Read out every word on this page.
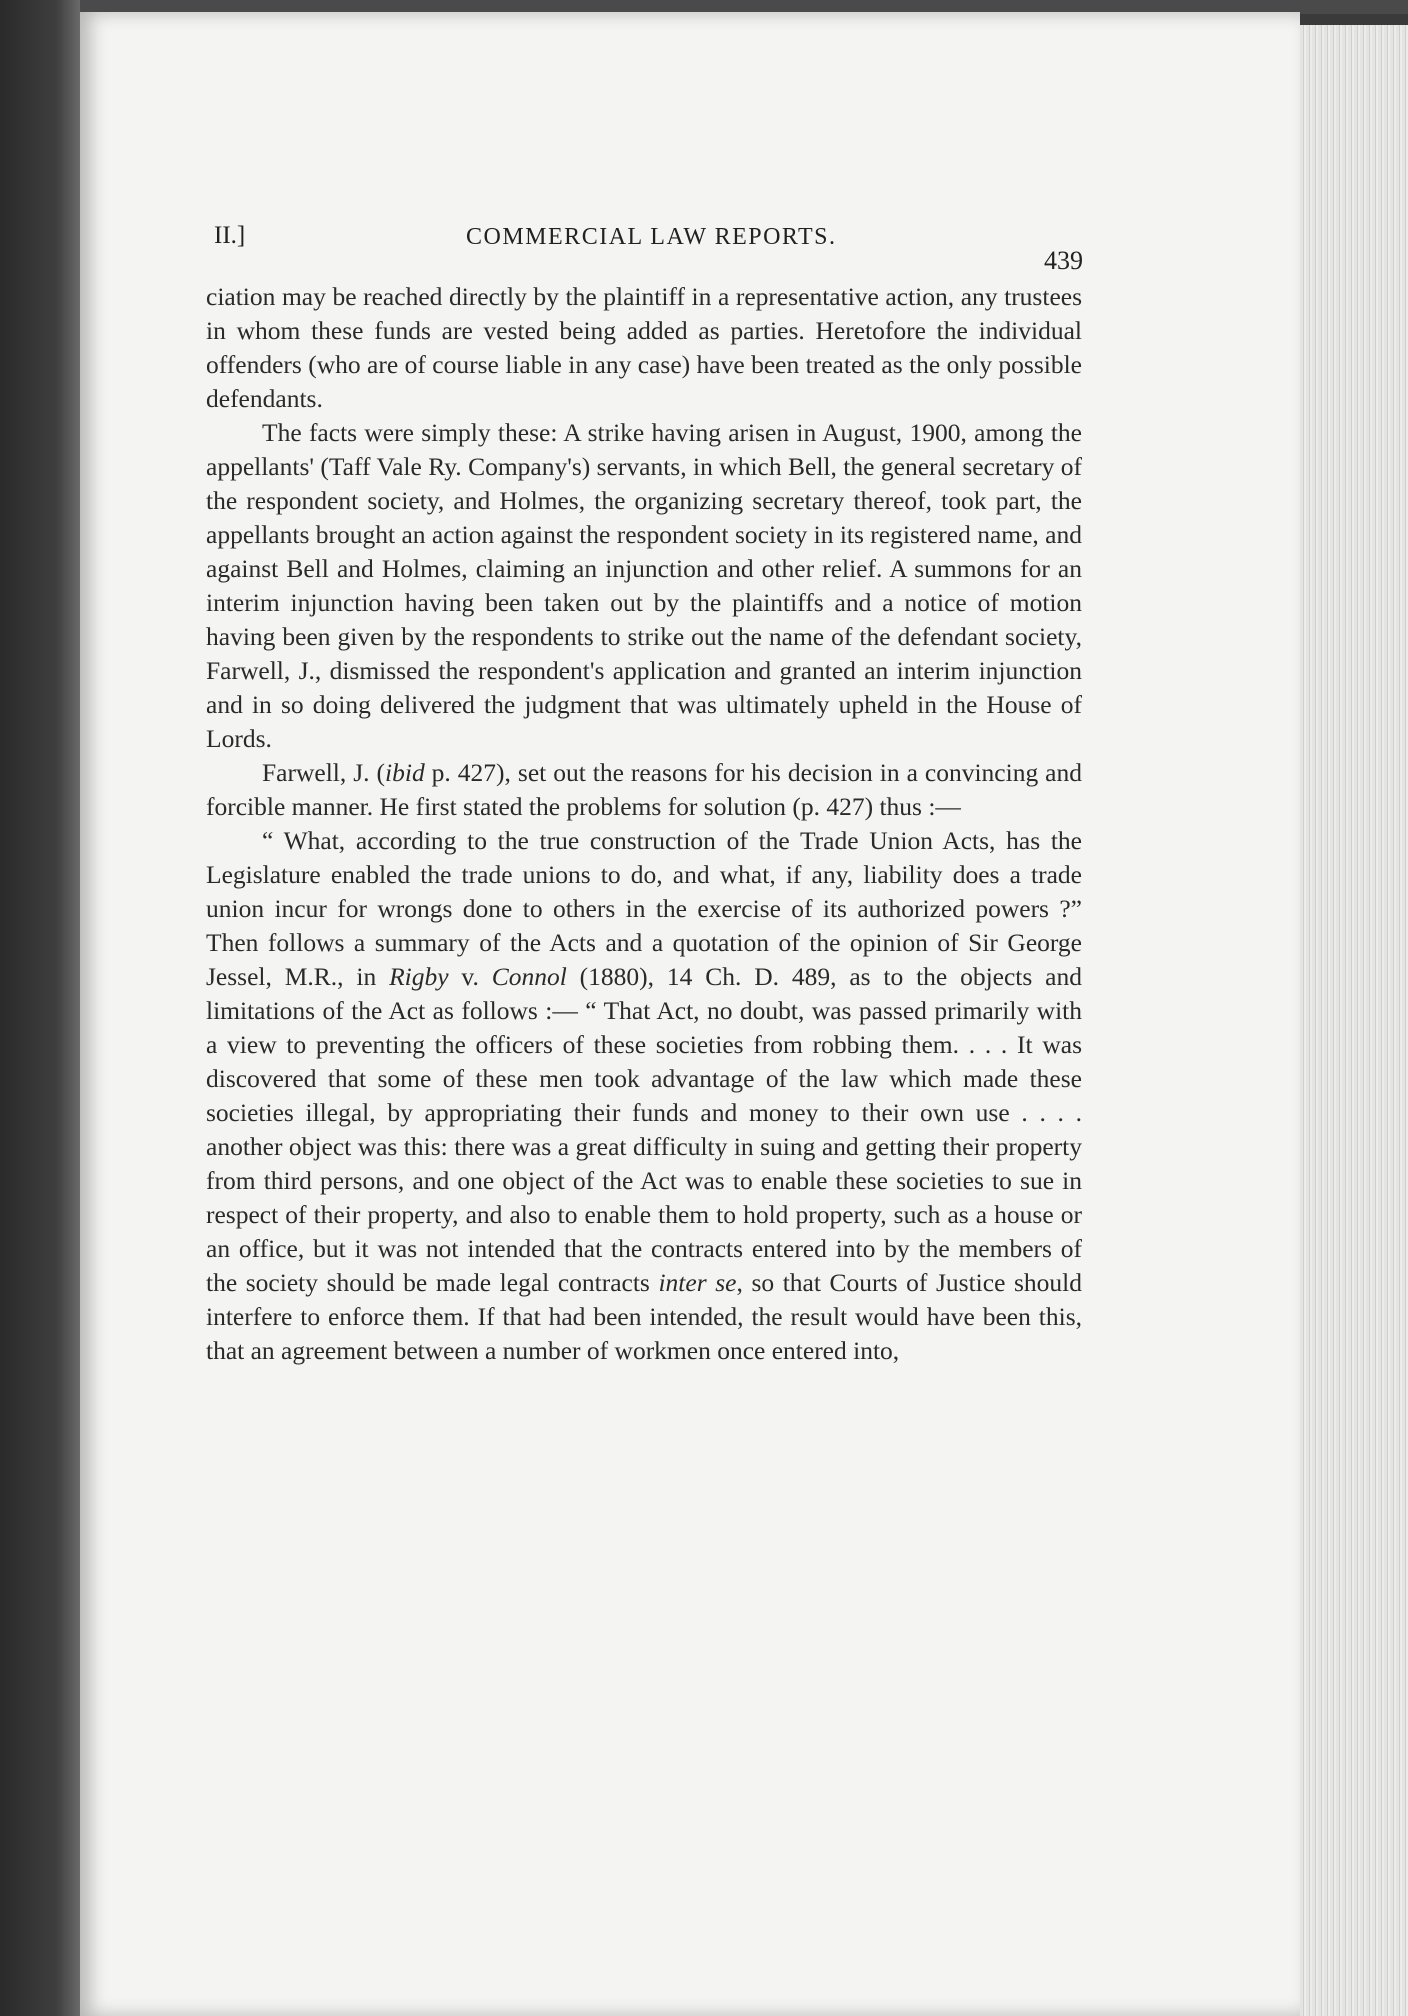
II.]	COMMERCIAL LAW REPORTS.
439

ciation may be reached directly by the plaintiff in a representative action, any trustees in whom these funds are vested being added as parties. Heretofore the individual offenders (who are of course liable in any case) have been treated as the only possible defendants.

The facts were simply these: A strike having arisen in August, 1900, among the appellants' (Taff Vale Ry. Company's) servants, in which Bell, the general secretary of the respondent society, and Holmes, the organizing secretary thereof, took part, the appellants brought an action against the respondent society in its registered name, and against Bell and Holmes, claiming an injunction and other relief. A summons for an interim injunction having been taken out by the plaintiffs and a notice of motion having been given by the respondents to strike out the name of the defendant society, Farwell, J., dismissed the respondent's application and granted an interim injunction and in so doing delivered the judgment that was ultimately upheld in the House of Lords.

Farwell, J. (ibid p. 427), set out the reasons for his decision in a convincing and forcible manner. He first stated the problems for solution (p. 427) thus :—

“ What, according to the true construction of the Trade Union Acts, has the Legislature enabled the trade unions to do, and what, if any, liability does a trade union incur for wrongs done to others in the exercise of its authorized powers ?” Then follows a summary of the Acts and a quotation of the opinion of Sir George Jessel, M.R., in Rigby v. Connol (1880), 14 Ch. D. 489, as to the objects and limitations of the Act as follows :— “ That Act, no doubt, was passed primarily with a view to preventing the officers of these societies from robbing them. . . . It was discovered that some of these men took advantage of the law which made these societies illegal, by appropriating their funds and money to their own use . . . . another object was this: there was a great difficulty in suing and getting their property from third persons, and one object of the Act was to enable these societies to sue in respect of their property, and also to enable them to hold property, such as a house or an office, but it was not intended that the contracts entered into by the members of the society should be made legal contracts inter se, so that Courts of Justice should interfere to enforce them. If that had been intended, the result would have been this, that an agreement between a number of workmen once entered into,
